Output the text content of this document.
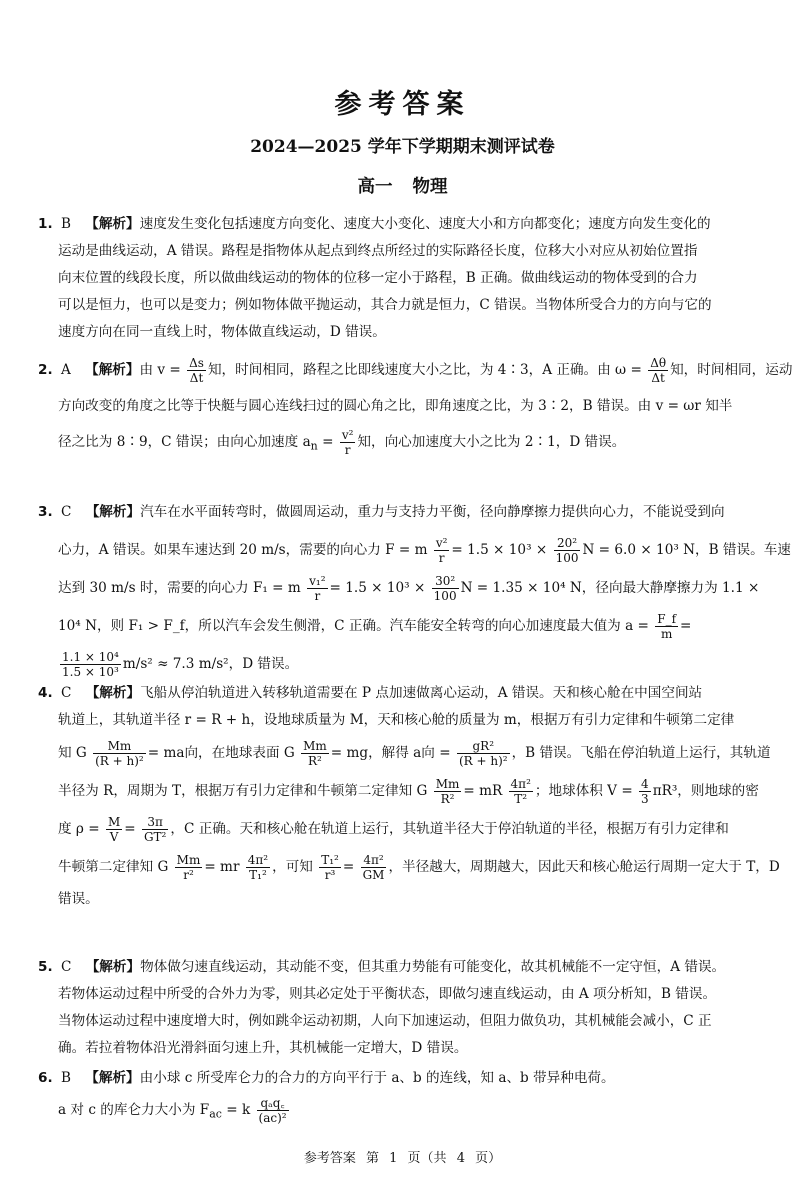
参考答案
2024—2025 学年下学期期末测评试卷
高一 物理
1. B 【解析】速度发生变化包括速度方向变化、速度大小变化、速度大小和方向都变化；速度方向发生变化的
运动是曲线运动，A 错误。路程是指物体从起点到终点所经过的实际路径长度，位移大小对应从初始位置指
向末位置的线段长度，所以做曲线运动的物体的位移一定小于路程，B 正确。做曲线运动的物体受到的合力
可以是恒力，也可以是变力；例如物体做平抛运动，其合力就是恒力，C 错误。当物体所受合力的方向与它的
速度方向在同一直线上时，物体做直线运动，D 错误。
2. A 【解析】由 $v = \frac{\Delta s}{\Delta t}$ 知，时间相同，路程之比即线速度大小之比，为 4∶3，A 正确。由 $\omega = \frac{\Delta\theta}{\Delta t}$ 知，时间相同，运动
方向改变的角度之比等于快艇与圆心连线扫过的圆心角之比，即角速度之比，为 3∶2，B 错误。由 v = ωr 知半
径之比为 8∶9，C 错误；由向心加速度 $a_n = \frac{\text{v²}}{r}$ 知，向心加速度大小之比为 2∶1，D 错误。
3. C 【解析】汽车在水平面转弯时，做圆周运动，重力与支持力平衡，径向静摩擦力提供向心力，不能说受到向
心力，A 错误。如果车速达到 20 m/s，需要的向心力 F = m $\frac{\text{v²}}{r} = 1.5 \times 10^3 \times \frac{\text{20²}}{100}$ N = 6.0 × 10³ N，B 错误。车速
达到 30 m/s 时，需要的向心力 F₁ = m $\frac{\text{v₁²}}{r} = 1.5 \times 10^3 \times \frac{\text{30²}}{100}$ N = 1.35 × 10⁴ N，径向最大静摩擦力为 1.1 ×
10⁴ N，则 F₁ > F_f，所以汽车会发生侧滑，C 正确。汽车能安全转弯的向心加速度最大值为 $a = \frac{F\_f}{m}$ =
$\frac{\text{1.1 × 10⁴}}{\text{1.5 × 10³}} m/s^2 \approx 7.3$ m/s²，D 错误。
4. C 【解析】飞船从停泊轨道进入转移轨道需要在 P 点加速做离心运动，A 错误。天和核心舱在中国空间站
轨道上，其轨道半径 r = R + h，设地球质量为 M，天和核心舱的质量为 m，根据万有引力定律和牛顿第二定律
知 G $\frac{Mm}{\text{(R + h)²}}$ = ma向，在地球表面 G $\frac{Mm}{\text{R²}}$ = mg，解得 a向 = $\frac{\text{gR²}}{\text{(R + h)²}}$ ，B 错误。飞船在停泊轨道上运行，其轨道
半径为 R，周期为 T，根据万有引力定律和牛顿第二定律知 G $\frac{Mm}{\text{R²}}$ = mR $\frac{\text{4π²}}{\text{T²}}$ ；地球体积 $V = \frac{4}{3} \pi R^3$，则地球的密
度 $\rho = \frac{M}{V} = \frac{3\pi}{\text{GT²}}$ ，C 正确。天和核心舱在轨道上运行，其轨道半径大于停泊轨道的半径，根据万有引力定律和
牛顿第二定律知 G $\frac{Mm}{\text{r²}}$ = mr $\frac{\text{4π²}}{\text{T₁²}}$ ，可知 $\frac{\text{T₁²}}{\text{r³}} = \frac{\text{4π²}}{GM}$ ，半径越大，周期越大，因此天和核心舱运行周期一定大于 T，D
错误。
5. C 【解析】物体做匀速直线运动，其动能不变，但其重力势能有可能变化，故其机械能不一定守恒，A 错误。
若物体运动过程中所受的合外力为零，则其必定处于平衡状态，即做匀速直线运动，由 A 项分析知，B 错误。
当物体运动过程中速度增大时，例如跳伞运动初期，人向下加速运动，但阻力做负功，其机械能会减小，C 正
确。若拉着物体沿光滑斜面匀速上升，其机械能一定增大，D 错误。
6. B 【解析】由小球 c 所受库仑力的合力的方向平行于 a、b 的连线，知 a、b 带异种电荷。
a 对 c 的库仑力大小为 $F_{ac} = k \frac{\text{qₐq꜀}}{\text{(ac)²}}$
参考答案 第 1 页（共 4 页）
